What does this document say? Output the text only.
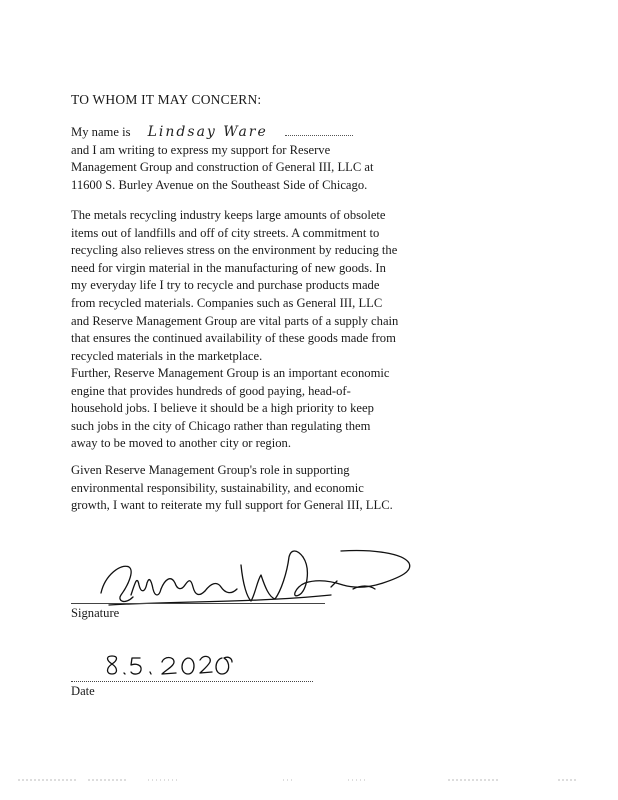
TO WHOM IT MAY CONCERN:
My name is Lindsay Ware
and I am writing to express my support for Reserve
Management Group and construction of General III, LLC at
11600 S. Burley Avenue on the Southeast Side of Chicago.
The metals recycling industry keeps large amounts of obsolete
items out of landfills and off of city streets. A commitment to
recycling also relieves stress on the environment by reducing the
need for virgin material in the manufacturing of new goods. In
my everyday life I try to recycle and purchase products made
from recycled materials. Companies such as General III, LLC
and Reserve Management Group are vital parts of a supply chain
that ensures the continued availability of these goods made from
recycled materials in the marketplace.
Further, Reserve Management Group is an important economic
engine that provides hundreds of good paying, head-of-
household jobs. I believe it should be a high priority to keep
such jobs in the city of Chicago rather than regulating them
away to be moved to another city or region.
Given Reserve Management Group's role in supporting
environmental responsibility, sustainability, and economic
growth, I want to reiterate my full support for General III, LLC.
Signature
Date
